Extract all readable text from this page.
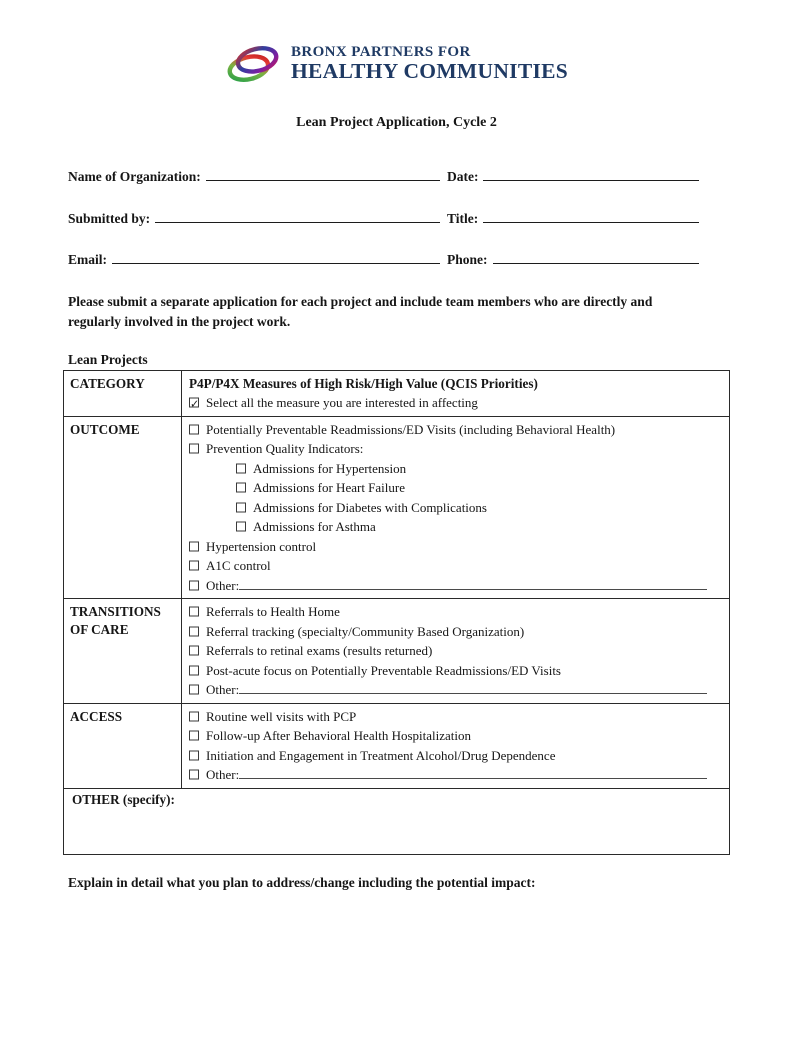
BRONX PARTNERS FOR
HEALTHY COMMUNITIES
Lean Project Application, Cycle 2
Name of Organization:	Date:
Submitted by:	Title:
Email:	Phone:

Please submit a separate application for each project and include team members who are directly and regularly involved in the project work.

Lean Projects
CATEGORY	P4P/P4X Measures of High Risk/High Value (QCIS Priorities)
✓
Select all the measure you are interested in affecting

OUTCOME	Potentially Preventable Readmissions/ED Visits (including Behavioral Health)
Prevention Quality Indicators:
Admissions for Hypertension
Admissions for Heart Failure
Admissions for Diabetes with Complications
Admissions for Asthma
Hypertension control
A1C control
Other:

TRANSITIONS OF CARE	Referrals to Health Home
Referral tracking (specialty/Community Based Organization)
Referrals to retinal exams (results returned)
Post-acute focus on Potentially Preventable Readmissions/ED Visits
Other:

ACCESS	Routine well visits with PCP
Follow-up After Behavioral Health Hospitalization
Initiation and Engagement in Treatment Alcohol/Drug Dependence
Other:

OTHER (specify):	

Explain in detail what you plan to address/change including the potential impact:
